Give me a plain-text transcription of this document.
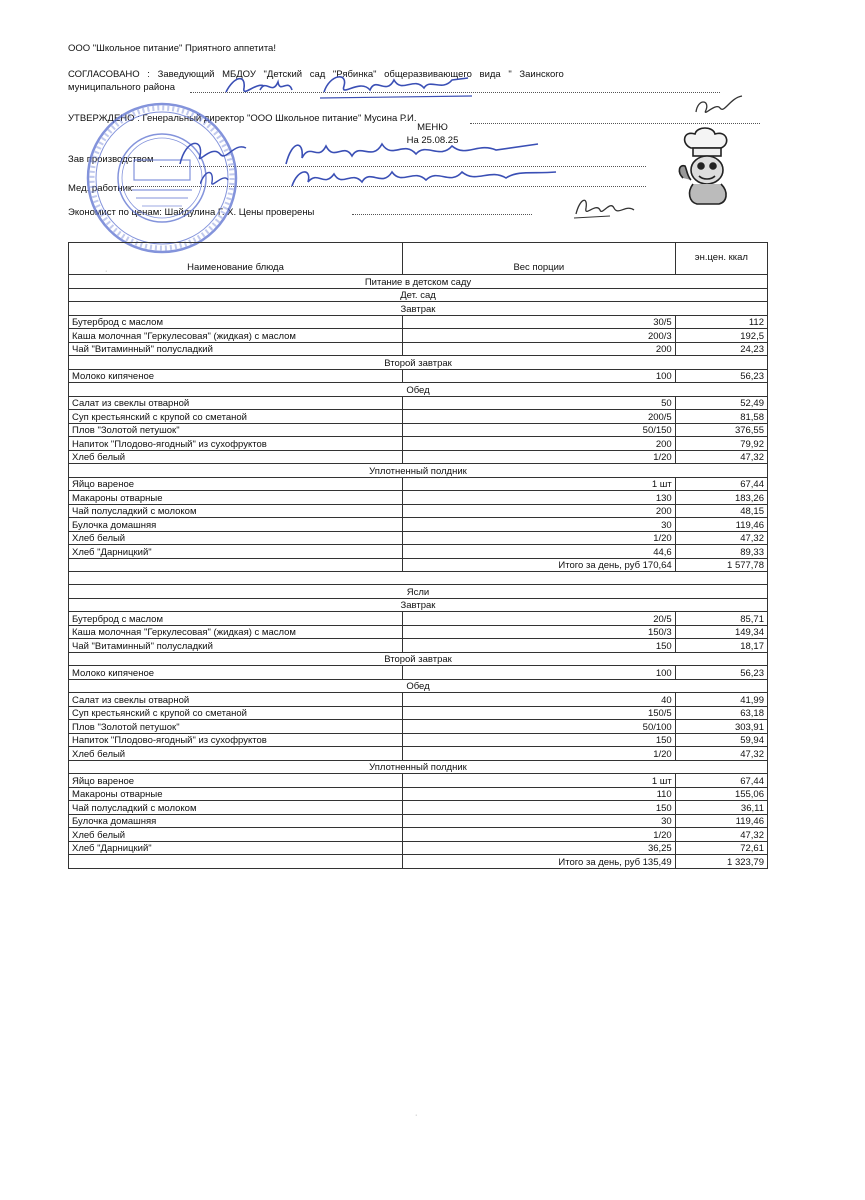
ООО "Школьное питание" Приятного аппетита!
СОГЛАСОВАНО : Заведующий МБДОУ "Детский сад "Рябинка" общеразвивающего вида " Заинского
муниципального района
УТВЕРЖДЕНО : Генеральный директор "ООО Школьное питание" Мусина Р.И.
МЕНЮ
На 25.08.25
Зав производством
Мед. работник
Экономист по ценам: Шайдулина Г. Х. Цены проверены
·
·
Наименование блюда	Вес порции	эн.цен. ккал
Питание в детском саду		
Дет. сад		
Завтрак		
Бутерброд с маслом	30/5	112
Каша молочная "Геркулесовая" (жидкая) с маслом	200/3	192,5
Чай "Витаминный" полусладкий	200	24,23
Второй завтрак		
Молоко кипяченое	100	56,23
Обед		
Салат из свеклы отварной	50	52,49
Суп крестьянский с крупой со сметаной	200/5	81,58
Плов "Золотой петушок"	50/150	376,55
Напиток "Плодово-ягодный" из сухофруктов	200	79,92
Хлеб белый	1/20	47,32
Уплотненный полдник		
Яйцо вареное	1 шт	67,44
Макароны отварные	130	183,26
Чай полусладкий с молоком	200	48,15
Булочка домашняя	30	119,46
Хлеб белый	1/20	47,32
Хлеб "Дарницкий"	44,6	89,33
	Итого за день, руб 170,64	1 577,78

Ясли		
Завтрак		
Бутерброд с маслом	20/5	85,71
Каша молочная "Геркулесовая" (жидкая) с маслом	150/3	149,34
Чай "Витаминный" полусладкий	150	18,17
Второй завтрак		
Молоко кипяченое	100	56,23
Обед		
Салат из свеклы отварной	40	41,99
Суп крестьянский с крупой со сметаной	150/5	63,18
Плов "Золотой петушок"	50/100	303,91
Напиток "Плодово-ягодный" из сухофруктов	150	59,94
Хлеб белый	1/20	47,32
Уплотненный полдник		
Яйцо вареное	1 шт	67,44
Макароны отварные	110	155,06
Чай полусладкий с молоком	150	36,11
Булочка домашняя	30	119,46
Хлеб белый	1/20	47,32
Хлеб "Дарницкий"	36,25	72,61
	Итого за день, руб 135,49	1 323,79
